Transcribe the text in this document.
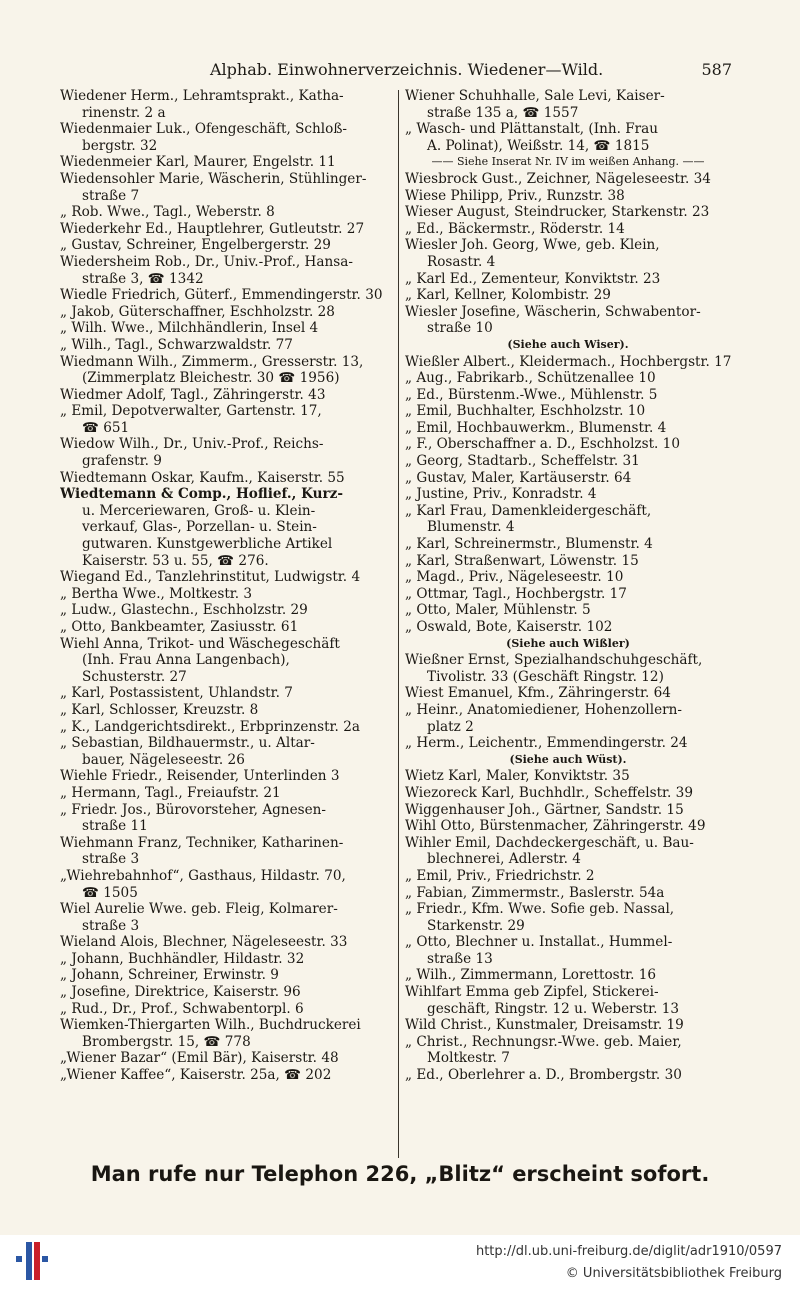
Alphab. Einwohnerverzeichnis. Wiedener—Wild.	587
Wiedener Herm., Lehramtsprakt., Katha-
rinenstr. 2 a
Wiedenmaier Luk., Ofengeschäft, Schloß-
bergstr. 32
Wiedenmeier Karl, Maurer, Engelstr. 11
Wiedensohler Marie, Wäscherin, Stühlinger-
straße 7
„ Rob. Wwe., Tagl., Weberstr. 8
Wiederkehr Ed., Hauptlehrer, Gutleutstr. 27
„ Gustav, Schreiner, Engelbergerstr. 29
Wiedersheim Rob., Dr., Univ.-Prof., Hansa-
straße 3, ☎ 1342
Wiedle Friedrich, Güterf., Emmendingerstr. 30
„ Jakob, Güterschaffner, Eschholzstr. 28
„ Wilh. Wwe., Milchhändlerin, Insel 4
„ Wilh., Tagl., Schwarzwaldstr. 77
Wiedmann Wilh., Zimmerm., Gresserstr. 13,
(Zimmerplatz Bleichestr. 30 ☎ 1956)
Wiedmer Adolf, Tagl., Zähringerstr. 43
„ Emil, Depotverwalter, Gartenstr. 17,
☎ 651
Wiedow Wilh., Dr., Univ.-Prof., Reichs-
grafenstr. 9
Wiedtemann Oskar, Kaufm., Kaiserstr. 55
Wiedtemann & Comp., Hoflief., Kurz-
u. Merceriewaren, Groß- u. Klein-
verkauf, Glas-, Porzellan- u. Stein-
gutwaren. Kunstgewerbliche Artikel
Kaiserstr. 53 u. 55, ☎ 276.
Wiegand Ed., Tanzlehrinstitut, Ludwigstr. 4
„ Bertha Wwe., Moltkestr. 3
„ Ludw., Glastechn., Eschholzstr. 29
„ Otto, Bankbeamter, Zasiusstr. 61
Wiehl Anna, Trikot- und Wäschegeschäft
(Inh. Frau Anna Langenbach),
Schusterstr. 27
„ Karl, Postassistent, Uhlandstr. 7
„ Karl, Schlosser, Kreuzstr. 8
„ K., Landgerichtsdirekt., Erbprinzenstr. 2a
„ Sebastian, Bildhauermstr., u. Altar-
bauer, Nägeleseestr. 26
Wiehle Friedr., Reisender, Unterlinden 3
„ Hermann, Tagl., Freiaufstr. 21
„ Friedr. Jos., Bürovorsteher, Agnesen-
straße 11
Wiehmann Franz, Techniker, Katharinen-
straße 3
„Wiehrebahnhof“, Gasthaus, Hildastr. 70,
☎ 1505
Wiel Aurelie Wwe. geb. Fleig, Kolmarer-
straße 3
Wieland Alois, Blechner, Nägeleseestr. 33
„ Johann, Buchhändler, Hildastr. 32
„ Johann, Schreiner, Erwinstr. 9
„ Josefine, Direktrice, Kaiserstr. 96
„ Rud., Dr., Prof., Schwabentorpl. 6
Wiemken-Thiergarten Wilh., Buchdruckerei
Brombergstr. 15, ☎ 778
„Wiener Bazar“ (Emil Bär), Kaiserstr. 48
„Wiener Kaffee“, Kaiserstr. 25a, ☎ 202
Wiener Schuhhalle, Sale Levi, Kaiser-
straße 135 a, ☎ 1557
„ Wasch- und Plättanstalt, (Inh. Frau
A. Polinat), Weißstr. 14, ☎ 1815
—— Siehe Inserat Nr. IV im weißen Anhang. ——
Wiesbrock Gust., Zeichner, Nägeleseestr. 34
Wiese Philipp, Priv., Runzstr. 38
Wieser August, Steindrucker, Starkenstr. 23
„ Ed., Bäckermstr., Röderstr. 14
Wiesler Joh. Georg, Wwe, geb. Klein,
Rosastr. 4
„ Karl Ed., Zementeur, Konviktstr. 23
„ Karl, Kellner, Kolombistr. 29
Wiesler Josefine, Wäscherin, Schwabentor-
straße 10
(Siehe auch Wiser).
Wießler Albert., Kleidermach., Hochbergstr. 17
„ Aug., Fabrikarb., Schützenallee 10
„ Ed., Bürstenm.-Wwe., Mühlenstr. 5
„ Emil, Buchhalter, Eschholzstr. 10
„ Emil, Hochbauwerkm., Blumenstr. 4
„ F., Oberschaffner a. D., Eschholzst. 10
„ Georg, Stadtarb., Scheffelstr. 31
„ Gustav, Maler, Kartäuserstr. 64
„ Justine, Priv., Konradstr. 4
„ Karl Frau, Damenkleidergeschäft,
Blumenstr. 4
„ Karl, Schreinermstr., Blumenstr. 4
„ Karl, Straßenwart, Löwenstr. 15
„ Magd., Priv., Nägeleseestr. 10
„ Ottmar, Tagl., Hochbergstr. 17
„ Otto, Maler, Mühlenstr. 5
„ Oswald, Bote, Kaiserstr. 102
(Siehe auch Wißler)
Wießner Ernst, Spezialhandschuhgeschäft,
Tivolistr. 33 (Geschäft Ringstr. 12)
Wiest Emanuel, Kfm., Zähringerstr. 64
„ Heinr., Anatomiediener, Hohenzollern-
platz 2
„ Herm., Leichentr., Emmendingerstr. 24
(Siehe auch Wüst).
Wietz Karl, Maler, Konviktstr. 35
Wiezoreck Karl, Buchhdlr., Scheffelstr. 39
Wiggenhauser Joh., Gärtner, Sandstr. 15
Wihl Otto, Bürstenmacher, Zähringerstr. 49
Wihler Emil, Dachdeckergeschäft, u. Bau-
blechnerei, Adlerstr. 4
„ Emil, Priv., Friedrichstr. 2
„ Fabian, Zimmermstr., Baslerstr. 54a
„ Friedr., Kfm. Wwe. Sofie geb. Nassal,
Starkenstr. 29
„ Otto, Blechner u. Installat., Hummel-
straße 13
„ Wilh., Zimmermann, Lorettostr. 16
Wihlfart Emma geb Zipfel, Stickerei-
geschäft, Ringstr. 12 u. Weberstr. 13
Wild Christ., Kunstmaler, Dreisamstr. 19
„ Christ., Rechnungsr.-Wwe. geb. Maier,
Moltkestr. 7
„ Ed., Oberlehrer a. D., Brombergstr. 30
Man rufe nur Telephon 226, „Blitz“ erscheint sofort.
http://dl.ub.uni-freiburg.de/diglit/adr1910/0597
© Universitätsbibliothek Freiburg
